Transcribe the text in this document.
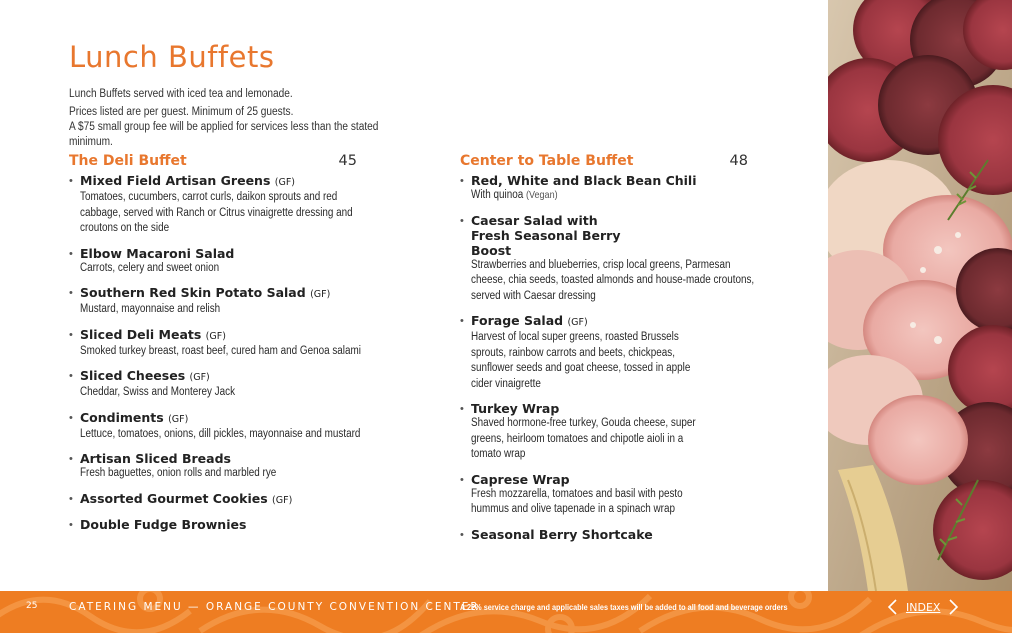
Lunch Buffets

Lunch Buffets served with iced tea and lemonade.

Prices listed are per guest. Minimum of 25 guests.

A $75 small group fee will be applied for services less than the stated minimum.

The Deli Buffet	45
• Mixed Field Artisan Greens (GF)
Tomatoes, cucumbers, carrot curls, daikon sprouts and red cabbage, served with Ranch or Citrus vinaigrette dressing and croutons on the side
• Elbow Macaroni Salad
Carrots, celery and sweet onion
• Southern Red Skin Potato Salad (GF)
Mustard, mayonnaise and relish
• Sliced Deli Meats (GF)
Smoked turkey breast, roast beef, cured ham and Genoa salami
• Sliced Cheeses (GF)
Cheddar, Swiss and Monterey Jack
• Condiments (GF)
Lettuce, tomatoes, onions, dill pickles, mayonnaise and mustard
• Artisan Sliced Breads
Fresh baguettes, onion rolls and marbled rye
• Assorted Gourmet Cookies (GF)
• Double Fudge Brownies
Center to Table Buffet	48
• Red, White and Black Bean Chili
With quinoa (Vegan)
• Caesar Salad with Fresh Seasonal Berry Boost
Strawberries and blueberries, crisp local greens, Parmesan cheese, chia seeds, toasted almonds and house-made croutons, served with Caesar dressing
• Forage Salad (GF)
Harvest of local super greens, roasted Brussels sprouts, rainbow carrots and beets, chickpeas, sunflower seeds and goat cheese, tossed in apple cider vinaigrette
• Turkey Wrap
Shaved hormone-free turkey, Gouda cheese, super greens, heirloom tomatoes and chipotle aioli in a tomato wrap
• Caprese Wrap
Fresh mozzarella, tomatoes and basil with pesto hummus and olive tapenade in a spinach wrap
• Seasonal Berry Shortcake
25	CATERING MENU — ORANGE COUNTY CONVENTION CENTER
A 22% service charge and applicable sales taxes will be added to all food and beverage orders	INDEX
